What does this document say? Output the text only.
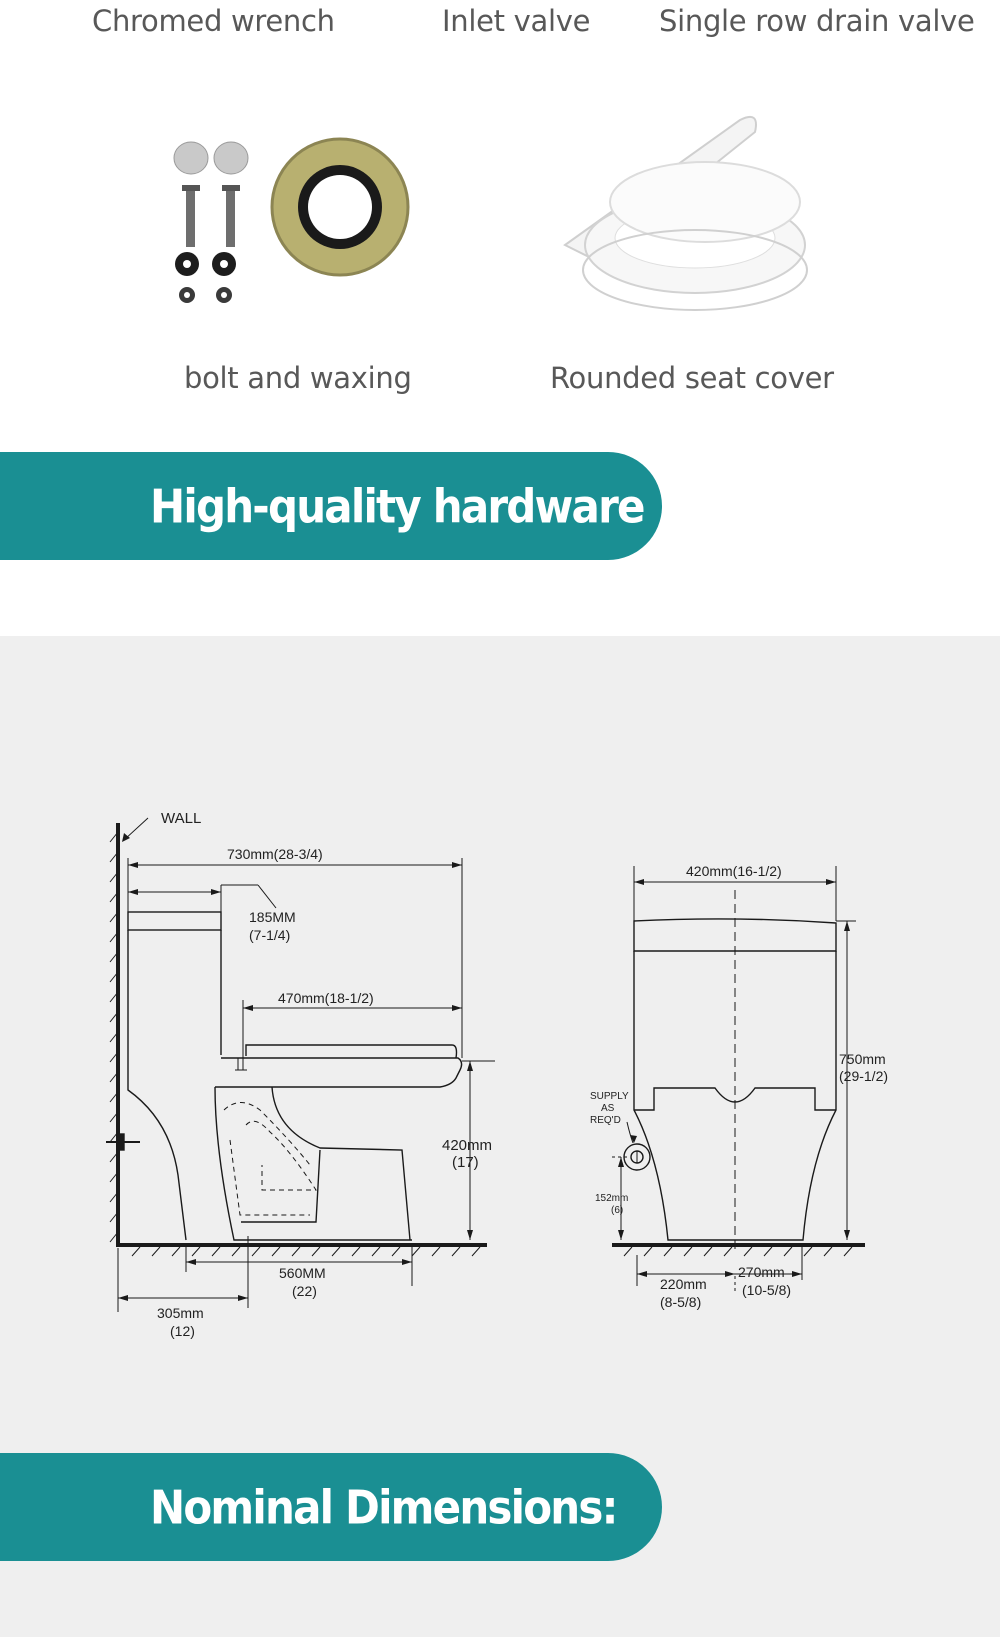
Chromed wrench	Inlet valve Single row drain valve
bolt and waxing	Rounded seat cover
High-quality hardware
WALL
730mm(28-3/4)
185MM
(7-1/4)
470mm(18-1/2)
420mm
(17)
560MM
(22)
305mm
(12)
420mm(16-1/2)
750mm
(29-1/2)
SUPPLY
AS
REQ'D
152mm
(6)
220mm
(8-5/8)
270mm
(10-5/8)
Nominal Dimensions:
